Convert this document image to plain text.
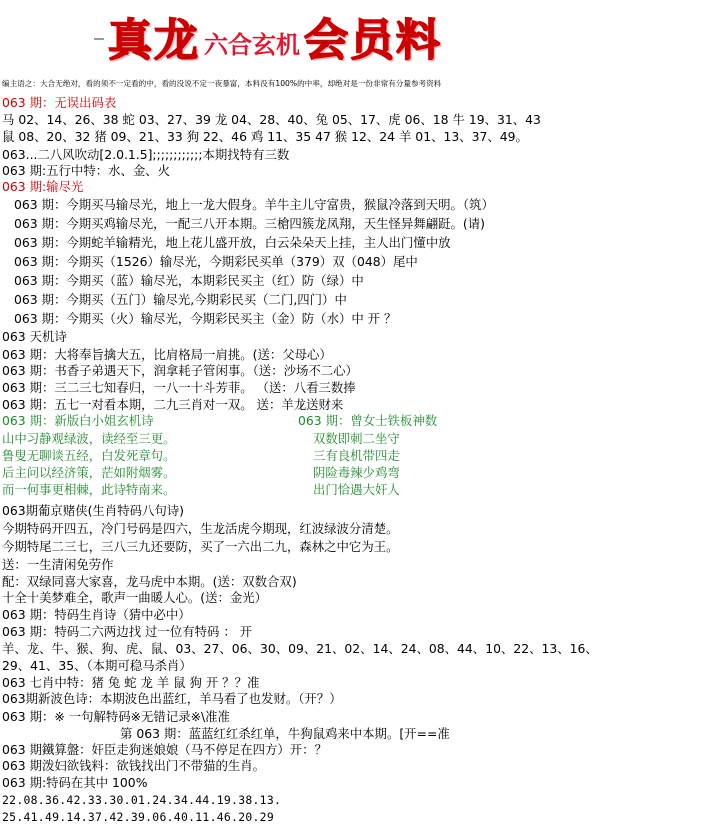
真龙 六合玄机 会员料
编主语之：大合无绝对，看的须不一定看的中，看的没说不定一夜暴富，本料没有100%的中率，却绝对是一份非常有分量参考资料
063 期：无误出码表
马 02、14、26、38 蛇 03、27、39 龙 04、28、40、兔 05、17、虎 06、18 牛 19、31、43
鼠 08、20、32 猪 09、21、33 狗 22、46 鸡 11、35 47 猴 12、24 羊 01、13、37、49。
063...二八风吹动[2.0.1.5];;;;;;;;;;;;本期找特有三数
063 期:五行中特：水、金、火
063 期:输尽光
063 期：今期买马输尽光，地上一龙大假身。羊牛主儿守富贵，猴鼠冷落到天明。（筑）
063 期：今期买鸡输尽光，一配三八开本期。三槍四簇龙凤翔，天生怪异舞翩跹。(请)
063 期：今期蛇羊输精光，地上花儿盛开放，白云朵朵天上挂，主人出门懂中放
063 期：今期买（1526）输尽光，今期彩民买单（379）双（048）尾中
063 期：今期买（蓝）输尽光，本期彩民买主（红）防（绿）中
063 期：今期买（五门）输尽光,今期彩民买（二门,四门）中
063 期：今期买（火）输尽光，今期彩民买主（金）防（水）中 开 ？
063 天机诗
063 期：大将奉旨擒大五，比肩格局一肩挑。(送：父母心）
063 期：书香子弟遇天下，润拿耗子管闲事。（送：沙场不二心）
063 期：三二三七知春归，一八一十斗芳菲。 （送：八看三数捧
063 期：五七一对看本期，二九三肖对一双。 送：羊龙送财来
063 期：新版白小姐玄机诗
山中习静观绿波，读经至三更。
鲁叟无聊谈五经，白发死章句。
后主问以经济策，茫如附烟雾。
而一何事更相棘，此诗特南来。
063 期：曾女士铁板神数
双数即刺二坐守
三有良机带四走
阴险毒辣少鸡弯
出门恰遇大奸人
063期葡京赌侠(生肖特码八句诗)
今期特码开四五，冷门号码是四六，生龙活虎今期现，红波绿波分清楚。
今期特尾二三七，三八三九还要防，买了一六出二九，森林之中它为王。
送：一生清闲免劳作
配：双绿同喜大家喜，龙马虎中本期。(送：双数合双)
十全十美梦难全，歌声一曲暖人心。(送：金光）
063 期：特码生肖诗（猜中必中）
063 期：特码二六两边找 过一位有特码 ： 开
羊、龙、牛、猴、狗、虎、鼠、03、27、06、30、09、21、02、14、24、08、44、10、22、13、16、
29、41、35、（本期可稳马杀肖）
063 七肖中特：猪 兔 蛇 龙 羊 鼠 狗 开 ？？准
063期新波色诗：本期波色出蓝红，羊马看了也发财。（开？）
063 期：※ 一句解特码※无错记录※\准准
第 063 期：蓝蓝红红杀红单，牛狗鼠鸡来中本期。[开==准
063 期鐵算盤：奸臣走狗迷娘娘（马不停足在四方）开：？
063 期泼妇欲钱料：欲钱找出门不带猫的生肖。
063 期:特码在其中 100%
22.08.36.42.33.30.01.24.34.44.19.38.13.
25.41.49.14.37.42.39.06.40.11.46.20.29
